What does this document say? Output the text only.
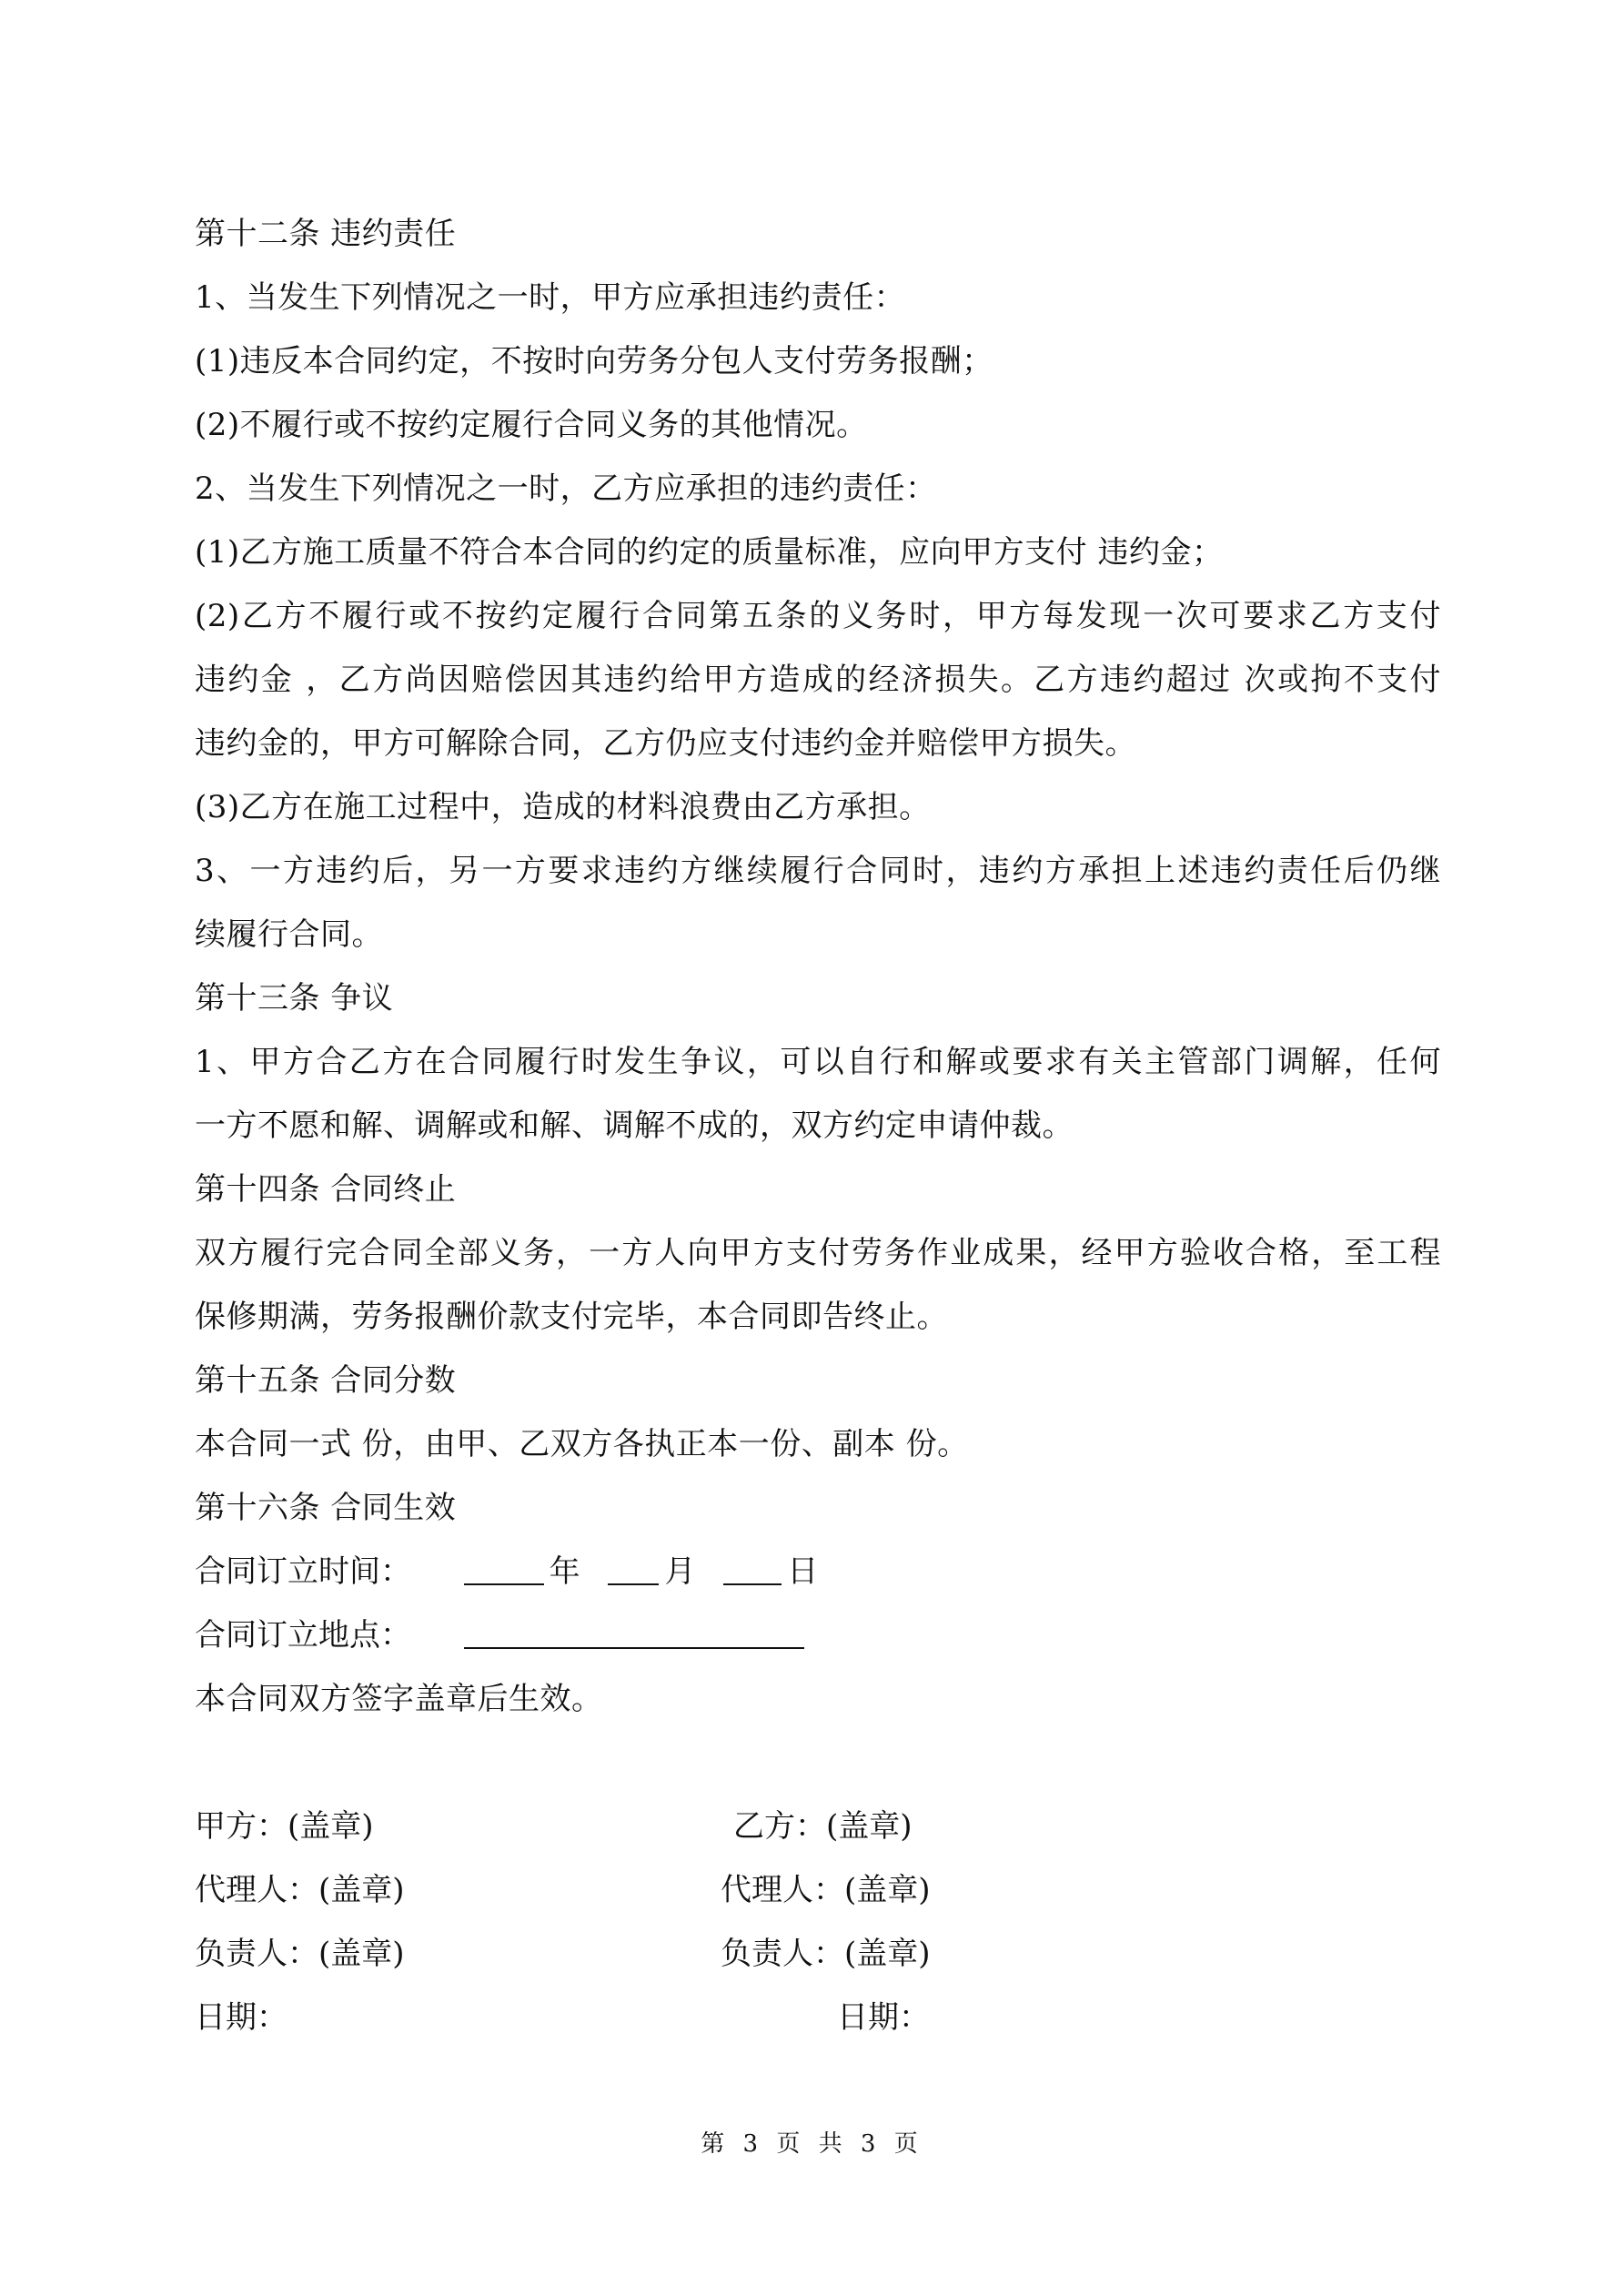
第十二条 违约责任
1、当发生下列情况之一时，甲方应承担违约责任：
(1)违反本合同约定，不按时向劳务分包人支付劳务报酬；
(2)不履行或不按约定履行合同义务的其他情况。
2、当发生下列情况之一时，乙方应承担的违约责任：
(1)乙方施工质量不符合本合同的约定的质量标准，应向甲方支付 违约金；
(2)乙方不履行或不按约定履行合同第五条的义务时，甲方每发现一次可要求乙方支付
违约金 ，乙方尚因赔偿因其违约给甲方造成的经济损失。乙方违约超过 次或拘不支付
违约金的，甲方可解除合同，乙方仍应支付违约金并赔偿甲方损失。
(3)乙方在施工过程中，造成的材料浪费由乙方承担。
3、一方违约后，另一方要求违约方继续履行合同时，违约方承担上述违约责任后仍继
续履行合同。
第十三条 争议
1、甲方合乙方在合同履行时发生争议，可以自行和解或要求有关主管部门调解，任何
一方不愿和解、调解或和解、调解不成的，双方约定申请仲裁。
第十四条 合同终止
双方履行完合同全部义务，一方人向甲方支付劳务作业成果，经甲方验收合格，至工程
保修期满，劳务报酬价款支付完毕，本合同即告终止。
第十五条 合同分数
本合同一式 份，由甲、乙双方各执正本一份、副本 份。
第十六条 合同生效
合同订立时间：	年	月	日
合同订立地点：
本合同双方签字盖章后生效。
甲方：(盖章)	乙方：(盖章)
代理人：(盖章)	代理人：(盖章)
负责人：(盖章)	负责人：(盖章)
日期：	日期：
第 3 页 共 3 页
